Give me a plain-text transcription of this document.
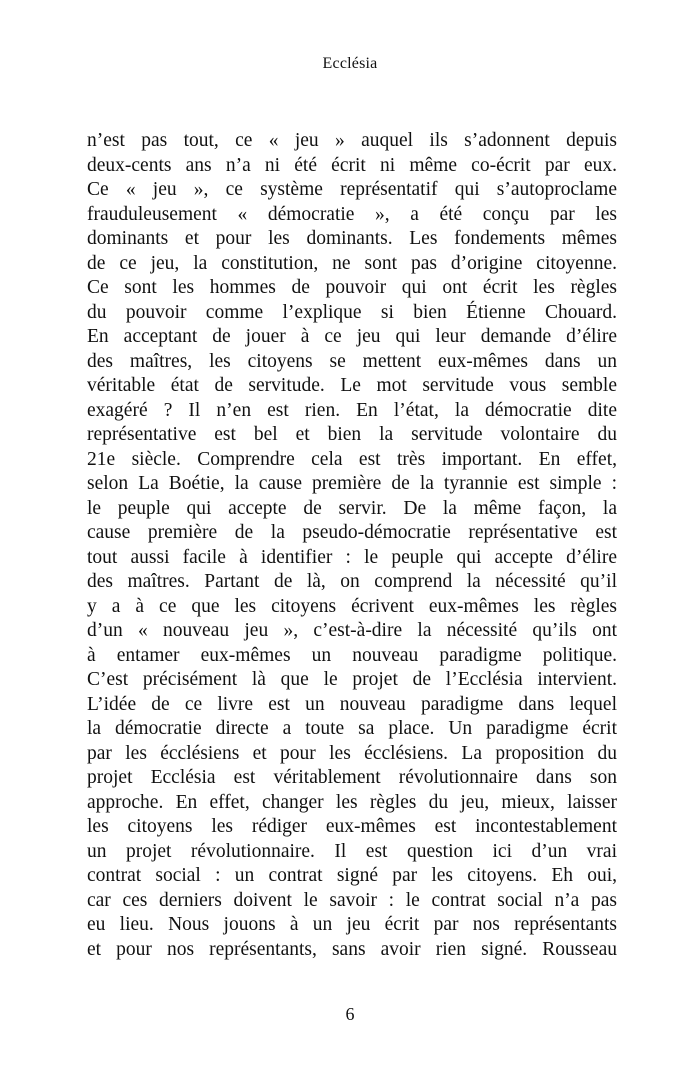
Ecclésia
n’est pas tout, ce « jeu » auquel ils s’adonnent depuis
deux-cents ans n’a ni été écrit ni même co-écrit par eux.
Ce « jeu », ce système représentatif qui s’autoproclame
frauduleusement « démocratie », a été conçu par les
dominants et pour les dominants. Les fondements mêmes
de ce jeu, la constitution, ne sont pas d’origine citoyenne.
Ce sont les hommes de pouvoir qui ont écrit les règles
du pouvoir comme l’explique si bien Étienne Chouard.
En acceptant de jouer à ce jeu qui leur demande d’élire
des maîtres, les citoyens se mettent eux-mêmes dans un
véritable état de servitude. Le mot servitude vous semble
exagéré ? Il n’en est rien. En l’état, la démocratie dite
représentative est bel et bien la servitude volontaire du
21e siècle. Comprendre cela est très important. En effet,
selon La Boétie, la cause première de la tyrannie est simple :
le peuple qui accepte de servir. De la même façon, la
cause première de la pseudo-démocratie représentative est
tout aussi facile à identifier : le peuple qui accepte d’élire
des maîtres. Partant de là, on comprend la nécessité qu’il
y a à ce que les citoyens écrivent eux-mêmes les règles
d’un « nouveau jeu », c’est-à-dire la nécessité qu’ils ont
à entamer eux-mêmes un nouveau paradigme politique.
C’est précisément là que le projet de l’Ecclésia intervient.
L’idée de ce livre est un nouveau paradigme dans lequel
la démocratie directe a toute sa place. Un paradigme écrit
par les écclésiens et pour les écclésiens. La proposition du
projet Ecclésia est véritablement révolutionnaire dans son
approche. En effet, changer les règles du jeu, mieux, laisser
les citoyens les rédiger eux-mêmes est incontestablement
un projet révolutionnaire. Il est question ici d’un vrai
contrat social : un contrat signé par les citoyens. Eh oui,
car ces derniers doivent le savoir : le contrat social n’a pas
eu lieu. Nous jouons à un jeu écrit par nos représentants
et pour nos représentants, sans avoir rien signé. Rousseau
6
